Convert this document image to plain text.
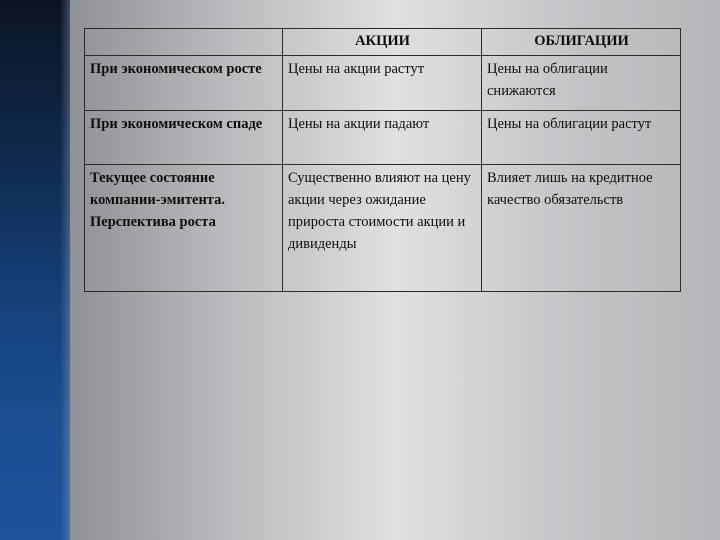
	АКЦИИ	ОБЛИГАЦИИ
При экономическом росте	Цены на акции растут	Цены на облигации снижаются
При экономическом спаде	Цены на акции падают	Цены на облигации растут
Текущее состояние компании-эмитента. Перспектива роста	Существенно влияют на цену акции через ожидание прироста стоимости акции и дивиденды	Влияет лишь на кредитное качество обязательств
